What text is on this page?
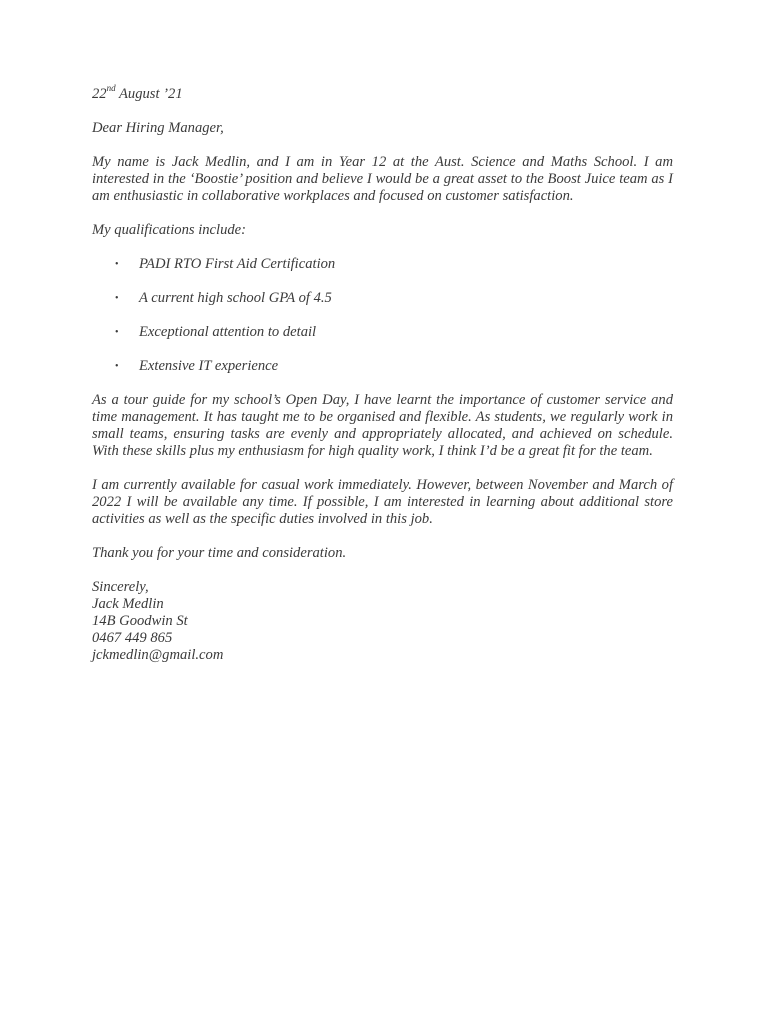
22nd August ’21

Dear Hiring Manager,

My name is Jack Medlin, and I am in Year 12 at the Aust. Science and Maths School. I am interested in the ‘Boostie’ position and believe I would be a great asset to the Boost Juice team as I am enthusiastic in collaborative workplaces and focused on customer satisfaction.

My qualifications include:

• PADI RTO First Aid Certification
• A current high school GPA of 4.5
• Exceptional attention to detail
• Extensive IT experience

As a tour guide for my school’s Open Day, I have learnt the importance of customer service and time management. It has taught me to be organised and flexible. As students, we regularly work in small teams, ensuring tasks are evenly and appropriately allocated, and achieved on schedule. With these skills plus my enthusiasm for high quality work, I think I’d be a great fit for the team.

I am currently available for casual work immediately. However, between November and March of 2022 I will be available any time. If possible, I am interested in learning about additional store activities as well as the specific duties involved in this job.

Thank you for your time and consideration.

Sincerely,
Jack Medlin
14B Goodwin St
0467 449 865
jckmedlin@gmail.com
